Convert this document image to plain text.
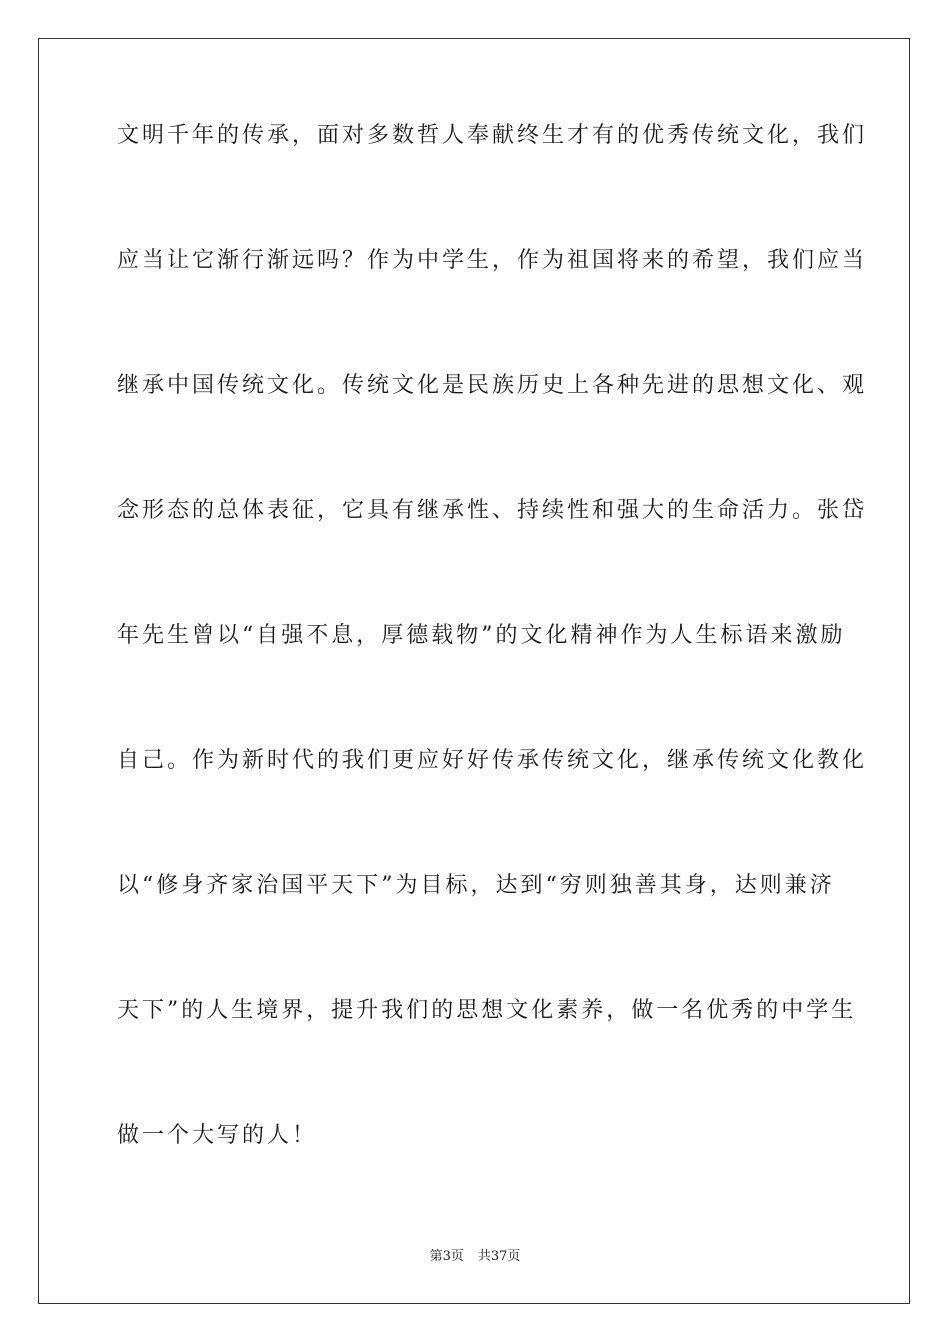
文明千年的传承，面对多数哲人奉献终生才有的优秀传统文化，我们
应当让它渐行渐远吗？作为中学生，作为祖国将来的希望，我们应当
继承中国传统文化。传统文化是民族历史上各种先进的思想文化、观
念形态的总体表征，它具有继承性、持续性和强大的生命活力。张岱
年先生曾以“自强不息，厚德载物”的文化精神作为人生标语来激励
自己。作为新时代的我们更应好好传承传统文化，继承传统文化教化
以“修身齐家治国平天下”为目标，达到“穷则独善其身，达则兼济
天下”的人生境界，提升我们的思想文化素养，做一名优秀的中学生
做一个大写的人！
第3页 共37页
